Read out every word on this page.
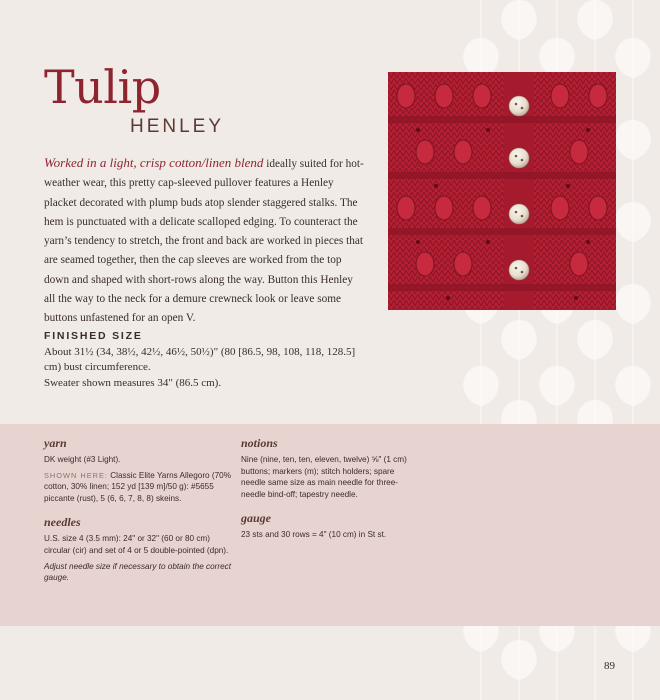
Tulip
HENLEY

Worked in a light, crisp cotton/linen blend ideally suited for hot-weather wear, this pretty cap-sleeved pullover features a Henley placket decorated with plump buds atop slender staggered stalks. The hem is punctuated with a delicate scalloped edging. To counteract the yarn’s tendency to stretch, the front and back are worked in pieces that are seamed together, then the cap sleeves are worked from the top down and shaped with short-rows along the way. Button this Henley all the way to the neck for a demure crewneck look or leave some buttons unfastened for an open V.

FINISHED SIZE

About 31½ (34, 38½, 42½, 46½, 50½)" (80 [86.5, 98, 108, 118, 128.5] cm) bust circumference.

Sweater shown measures 34" (86.5 cm).

yarn

DK weight (#3 Light).

SHOWN HERE: Classic Elite Yarns Allegoro (70% cotton, 30% linen; 152 yd [139 m]/50 g): #5655 piccante (rust), 5 (6, 6, 7, 8, 8) skeins.

needles

U.S. size 4 (3.5 mm): 24" or 32" (60 or 80 cm) circular (cir) and set of 4 or 5 double-pointed (dpn).

Adjust needle size if necessary to obtain the correct gauge.

notions

Nine (nine, ten, ten, eleven, twelve) ⅝" (1 cm) buttons; markers (m); stitch holders; spare needle same size as main needle for three-needle bind-off; tapestry needle.

gauge

23 sts and 30 rows = 4" (10 cm) in St st.

89
